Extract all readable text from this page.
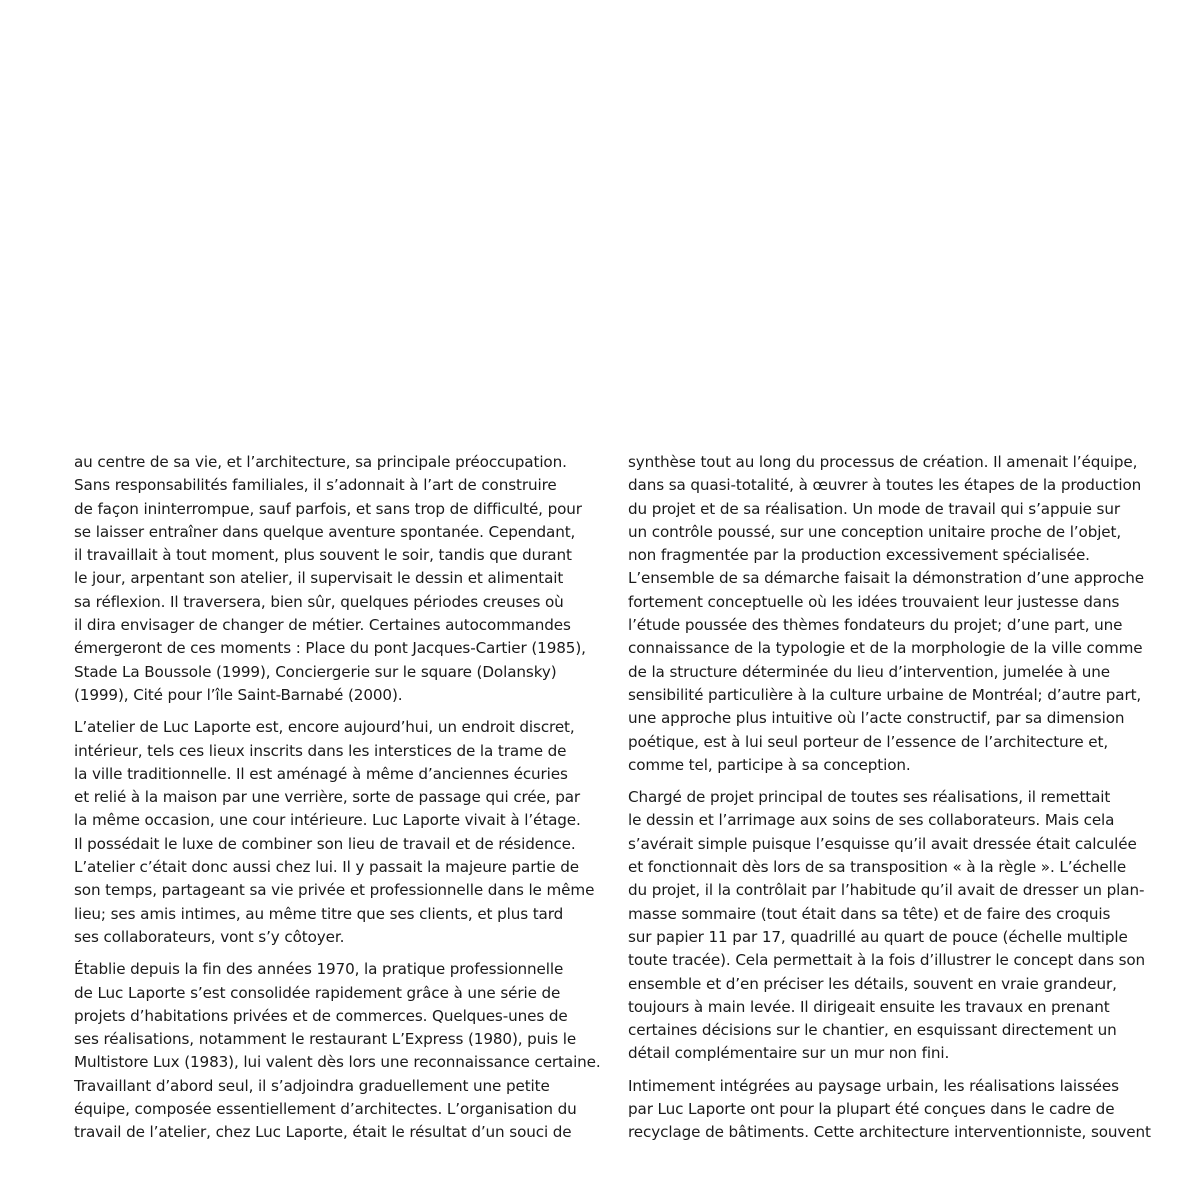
au centre de sa vie, et l’architecture, sa principale préoccupation.
Sans responsabilités familiales, il s’adonnait à l’art de construire
de façon ininterrompue, sauf parfois, et sans trop de difficulté, pour
se laisser entraîner dans quelque aventure spontanée. Cependant,
il travaillait à tout moment, plus souvent le soir, tandis que durant
le jour, arpentant son atelier, il supervisait le dessin et alimentait
sa réflexion. Il traversera, bien sûr, quelques périodes creuses où
il dira envisager de changer de métier. Certaines autocommandes
émergeront de ces moments : Place du pont Jacques-Cartier (1985),
Stade La Boussole (1999), Conciergerie sur le square (Dolansky)
(1999), Cité pour l’île Saint-Barnabé (2000).

L’atelier de Luc Laporte est, encore aujourd’hui, un endroit discret,
intérieur, tels ces lieux inscrits dans les interstices de la trame de
la ville traditionnelle. Il est aménagé à même d’anciennes écuries
et relié à la maison par une verrière, sorte de passage qui crée, par
la même occasion, une cour intérieure. Luc Laporte vivait à l’étage.
Il possédait le luxe de combiner son lieu de travail et de résidence.
L’atelier c’était donc aussi chez lui. Il y passait la majeure partie de
son temps, partageant sa vie privée et professionnelle dans le même
lieu; ses amis intimes, au même titre que ses clients, et plus tard
ses collaborateurs, vont s’y côtoyer.

Établie depuis la fin des années 1970, la pratique professionnelle
de Luc Laporte s’est consolidée rapidement grâce à une série de
projets d’habitations privées et de commerces. Quelques-unes de
ses réalisations, notamment le restaurant L’Express (1980), puis le
Multistore Lux (1983), lui valent dès lors une reconnaissance certaine.
Travaillant d’abord seul, il s’adjoindra graduellement une petite
équipe, composée essentiellement d’architectes. L’organisation du
travail de l’atelier, chez Luc Laporte, était le résultat d’un souci de

synthèse tout au long du processus de création. Il amenait l’équipe,
dans sa quasi-totalité, à œuvrer à toutes les étapes de la production
du projet et de sa réalisation. Un mode de travail qui s’appuie sur
un contrôle poussé, sur une conception unitaire proche de l’objet,
non fragmentée par la production excessivement spécialisée.
L’ensemble de sa démarche faisait la démonstration d’une approche
fortement conceptuelle où les idées trouvaient leur justesse dans
l’étude poussée des thèmes fondateurs du projet; d’une part, une
connaissance de la typologie et de la morphologie de la ville comme
de la structure déterminée du lieu d’intervention, jumelée à une
sensibilité particulière à la culture urbaine de Montréal; d’autre part,
une approche plus intuitive où l’acte constructif, par sa dimension
poétique, est à lui seul porteur de l’essence de l’architecture et,
comme tel, participe à sa conception.

Chargé de projet principal de toutes ses réalisations, il remettait
le dessin et l’arrimage aux soins de ses collaborateurs. Mais cela
s’avérait simple puisque l’esquisse qu’il avait dressée était calculée
et fonctionnait dès lors de sa transposition « à la règle ». L’échelle
du projet, il la contrôlait par l’habitude qu’il avait de dresser un plan-
masse sommaire (tout était dans sa tête) et de faire des croquis
sur papier 11 par 17, quadrillé au quart de pouce (échelle multiple
toute tracée). Cela permettait à la fois d’illustrer le concept dans son
ensemble et d’en préciser les détails, souvent en vraie grandeur,
toujours à main levée. Il dirigeait ensuite les travaux en prenant
certaines décisions sur le chantier, en esquissant directement un
détail complémentaire sur un mur non fini.

Intimement intégrées au paysage urbain, les réalisations laissées
par Luc Laporte ont pour la plupart été conçues dans le cadre de
recyclage de bâtiments. Cette architecture interventionniste, souvent
